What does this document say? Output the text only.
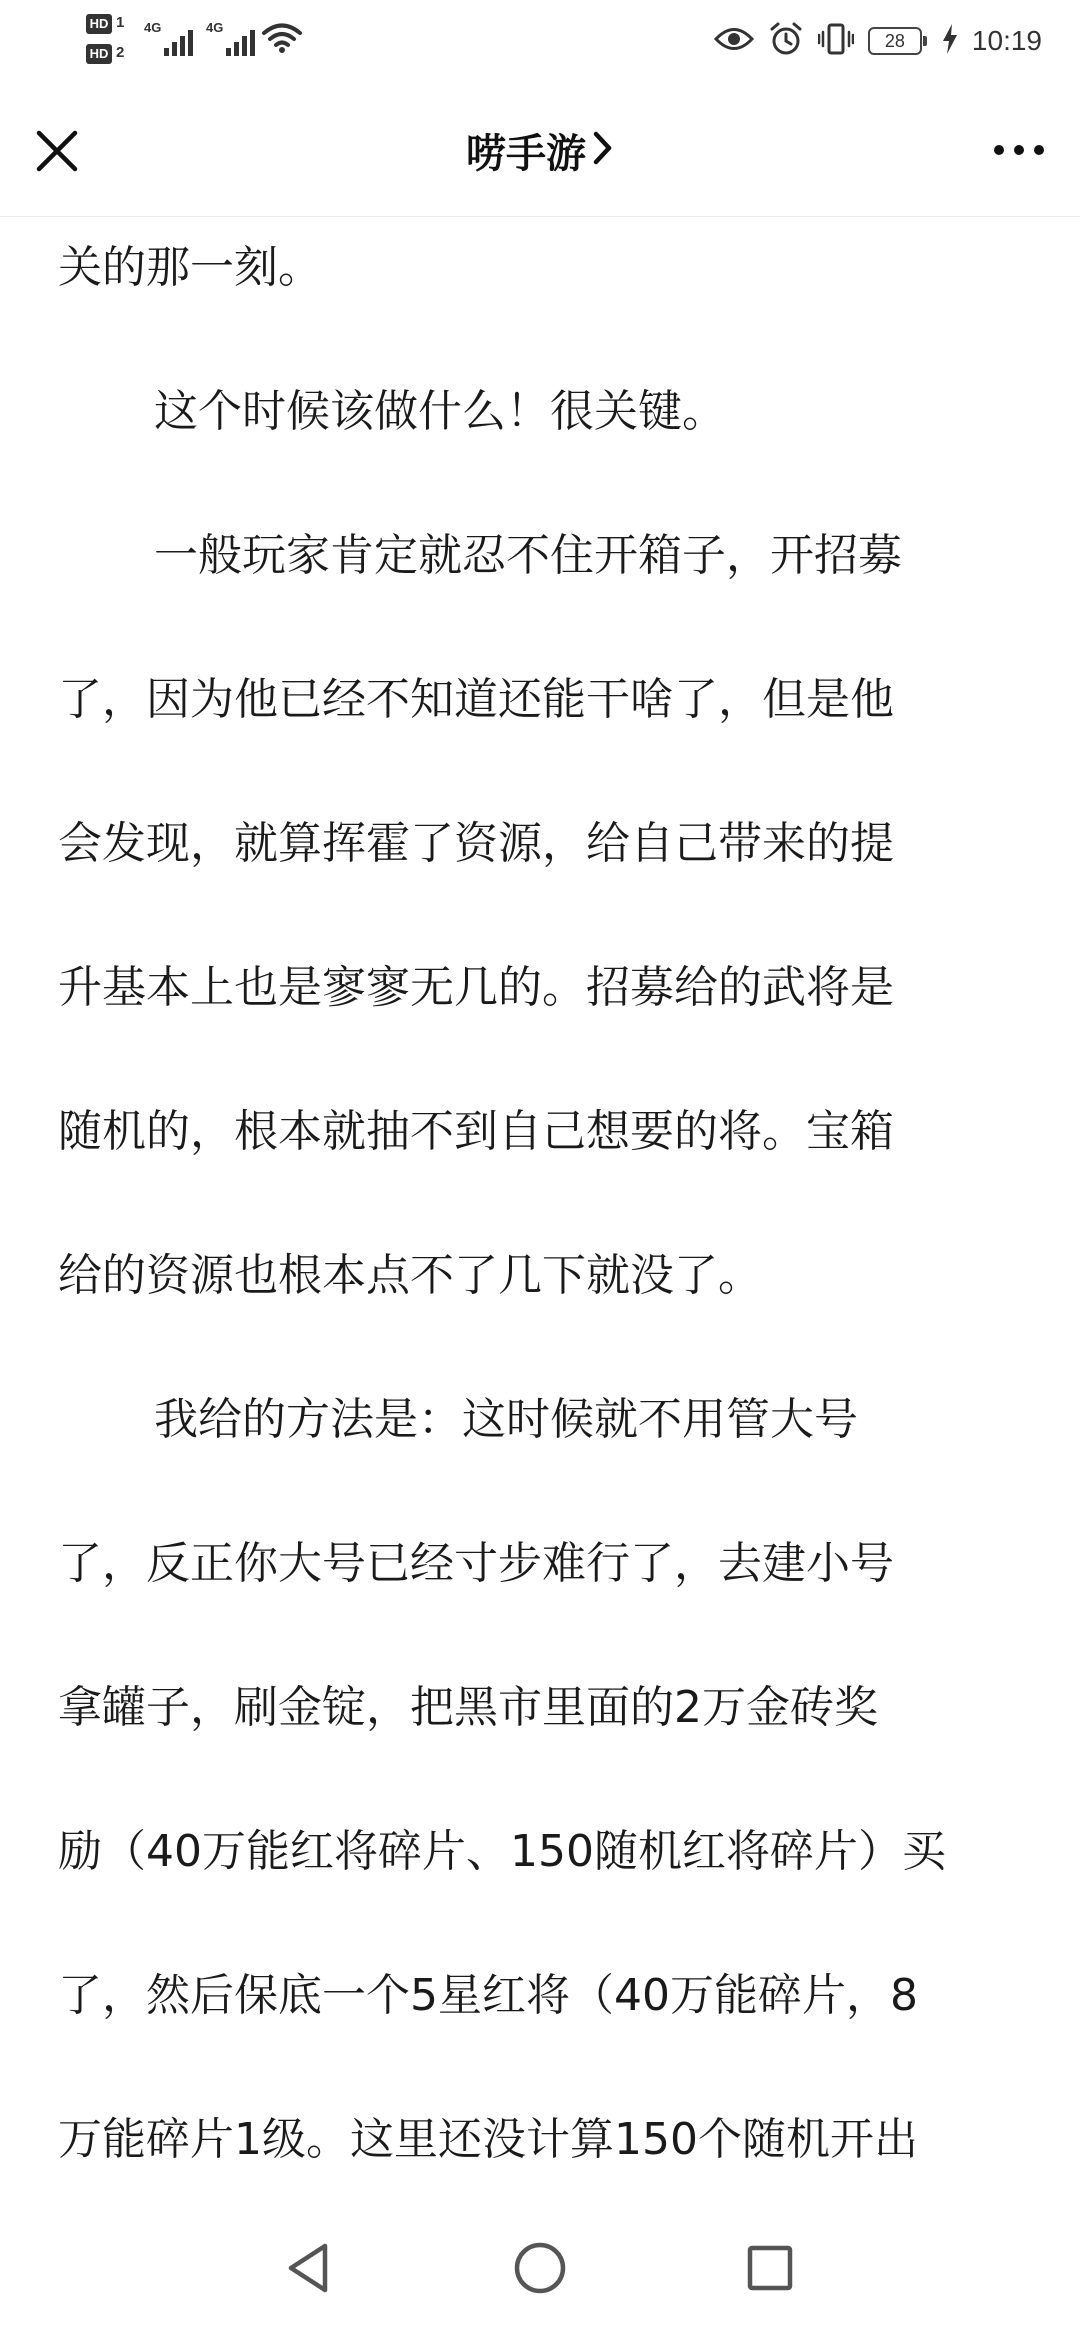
HD 1
HD 2
4G	4G
28	10:19
唠手游
关的那一刻。
这个时候该做什么！很关键。
一般玩家肯定就忍不住开箱子，开招募
了，因为他已经不知道还能干啥了，但是他
会发现，就算挥霍了资源，给自己带来的提
升基本上也是寥寥无几的。招募给的武将是
随机的，根本就抽不到自己想要的将。宝箱
给的资源也根本点不了几下就没了。
我给的方法是：这时候就不用管大号
了，反正你大号已经寸步难行了，去建小号
拿罐子，刷金锭，把黑市里面的2万金砖奖
励（40万能红将碎片、150随机红将碎片）买
了，然后保底一个5星红将（40万能碎片，8
万能碎片1级。这里还没计算150个随机开出
